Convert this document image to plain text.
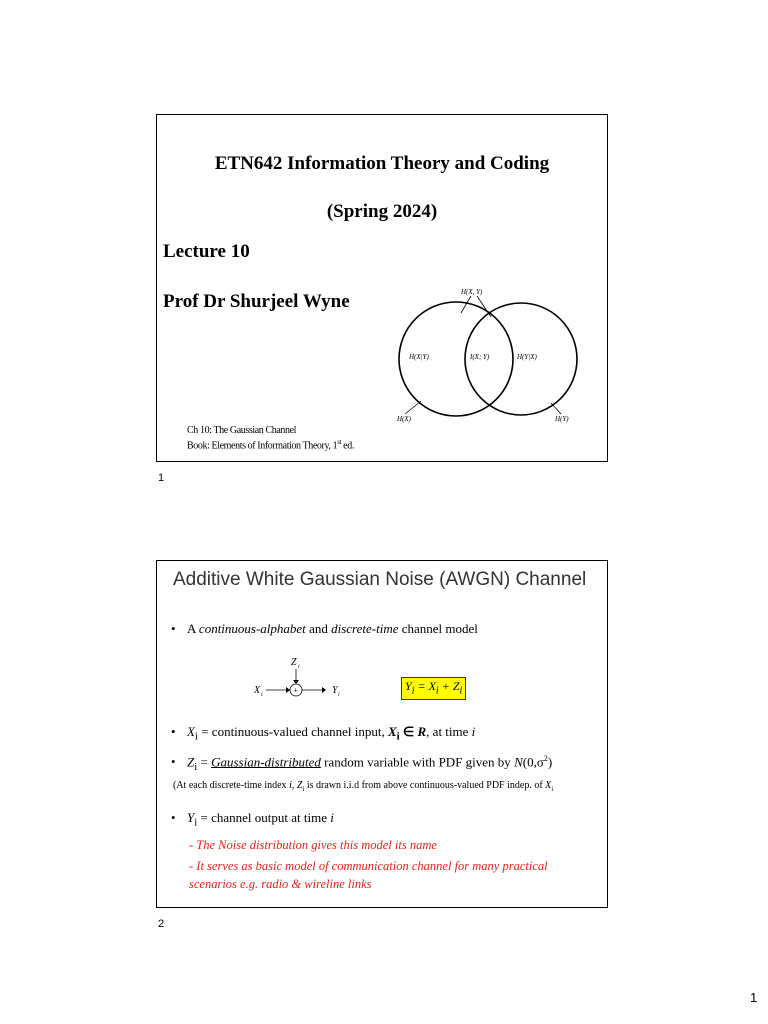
ETN642 Information Theory and Coding
(Spring 2024)
Lecture 10
Prof Dr Shurjeel Wyne	H(X, Y)
H(X|Y)	I(X; Y)	H(Y|X)
H(X)	H(Y)
Ch 10: The Gaussian Channel
Book: Elements of Information Theory, 1st ed.
1
Additive White Gaussian Noise (AWGN) Channel
• A continuous-alphabet and discrete-time channel model
Z i
X i	+	Y i
$Y_i = X_i + Z_i$
• $X_i$ = continuous-valued channel input, $X_i$ ∈ R, at time i
• $Z_i$ = Gaussian-distributed random variable with PDF given by $N(0,\sigma^2)$
(At each discrete-time index i, $Z_i$ is drawn i.i.d from above continuous-valued PDF indep. of $X_i$
• $Y_i$ = channel output at time i
- The Noise distribution gives this model its name
- It serves as basic model of communication channel for many practical
scenarios e.g. radio & wireline links
2
1
